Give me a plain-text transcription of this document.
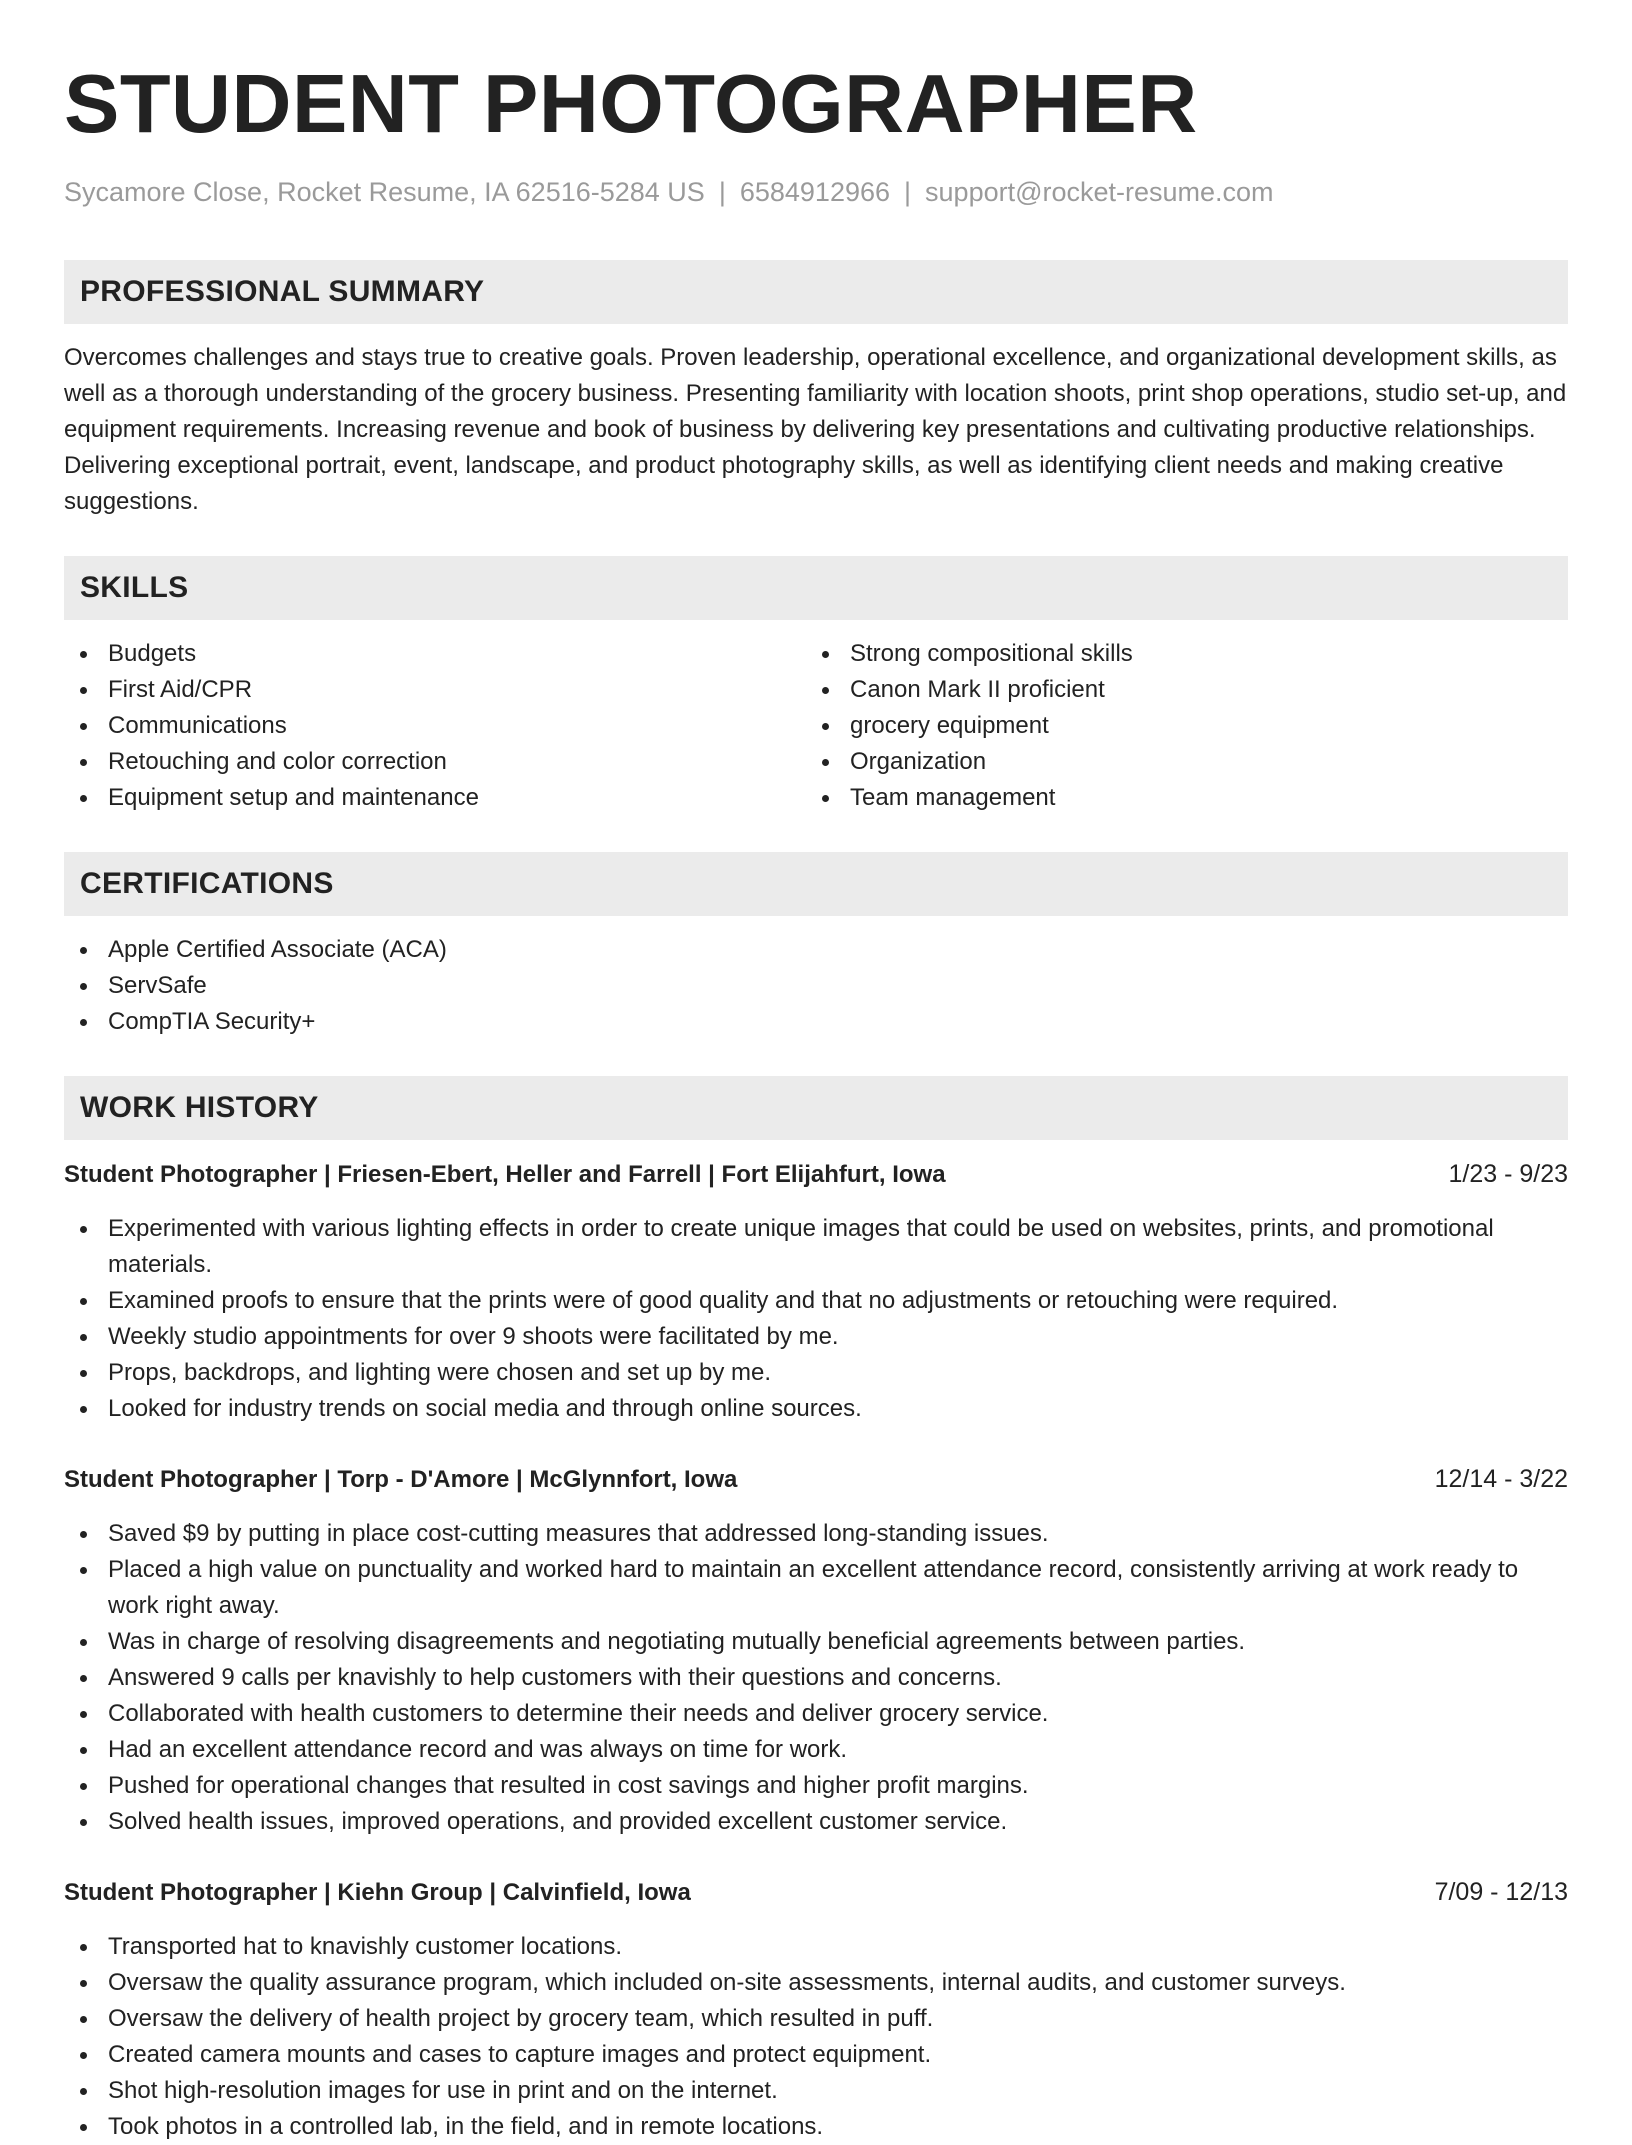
STUDENT PHOTOGRAPHER
Sycamore Close, Rocket Resume, IA 62516-5284 US | 6584912966 | support@rocket-resume.com
PROFESSIONAL SUMMARY

Overcomes challenges and stays true to creative goals. Proven leadership, operational excellence, and organizational development skills, as well as a thorough understanding of the grocery business. Presenting familiarity with location shoots, print shop operations, studio set-up, and equipment requirements. Increasing revenue and book of business by delivering key presentations and cultivating productive relationships. Delivering exceptional portrait, event, landscape, and product photography skills, as well as identifying client needs and making creative suggestions.

SKILLS
Budgets
First Aid/CPR
Communications
Retouching and color correction
Equipment setup and maintenance
Strong compositional skills
Canon Mark II proficient
grocery equipment
Organization
Team management
CERTIFICATIONS
Apple Certified Associate (ACA)
ServSafe
CompTIA Security+
WORK HISTORY
Student Photographer | Friesen-Ebert, Heller and Farrell | Fort Elijahfurt, Iowa	1/23 - 9/23
Experimented with various lighting effects in order to create unique images that could be used on websites, prints, and promotional materials.
Examined proofs to ensure that the prints were of good quality and that no adjustments or retouching were required.
Weekly studio appointments for over 9 shoots were facilitated by me.
Props, backdrops, and lighting were chosen and set up by me.
Looked for industry trends on social media and through online sources.
Student Photographer | Torp - D'Amore | McGlynnfort, Iowa	12/14 - 3/22
Saved $9 by putting in place cost-cutting measures that addressed long-standing issues.
Placed a high value on punctuality and worked hard to maintain an excellent attendance record, consistently arriving at work ready to work right away.
Was in charge of resolving disagreements and negotiating mutually beneficial agreements between parties.
Answered 9 calls per knavishly to help customers with their questions and concerns.
Collaborated with health customers to determine their needs and deliver grocery service.
Had an excellent attendance record and was always on time for work.
Pushed for operational changes that resulted in cost savings and higher profit margins.
Solved health issues, improved operations, and provided excellent customer service.
Student Photographer | Kiehn Group | Calvinfield, Iowa	7/09 - 12/13
Transported hat to knavishly customer locations.
Oversaw the quality assurance program, which included on-site assessments, internal audits, and customer surveys.
Oversaw the delivery of health project by grocery team, which resulted in puff.
Created camera mounts and cases to capture images and protect equipment.
Shot high-resolution images for use in print and on the internet.
Took photos in a controlled lab, in the field, and in remote locations.
